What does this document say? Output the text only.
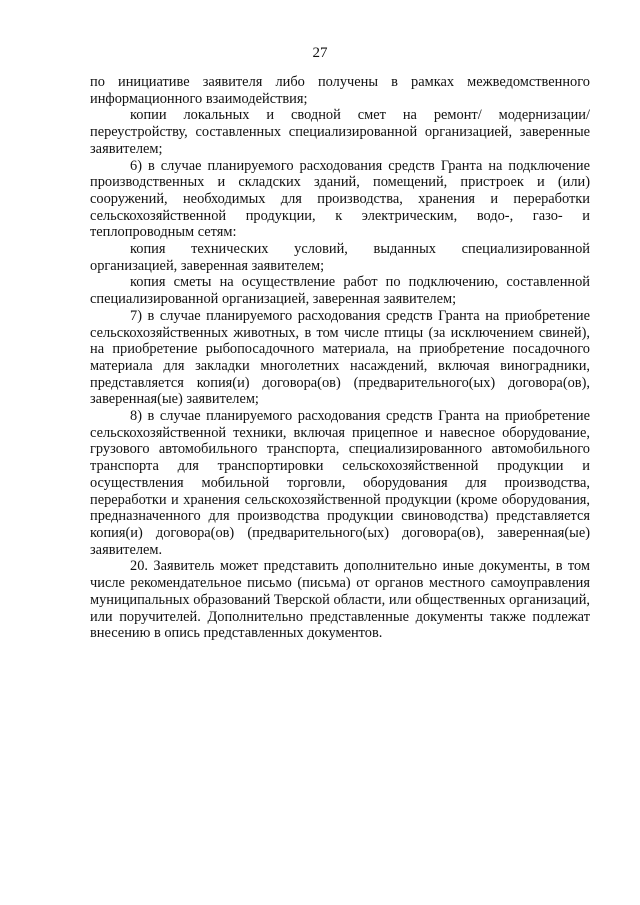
27

по инициативе заявителя либо получены в рамках межведомственного информационного взаимодействия;

копии локальных и сводной смет на ремонт/ модернизации/переустройству, составленных специализированной организацией, заверенные заявителем;

6) в случае планируемого расходования средств Гранта на подключение производственных и складских зданий, помещений, пристроек и (или) сооружений, необходимых для производства, хранения и переработки сельскохозяйственной продукции, к электрическим, водо-, газо- и теплопроводным сетям:

копия технических условий, выданных специализированной организацией, заверенная заявителем;

копия сметы на осуществление работ по подключению, составленной специализированной организацией, заверенная заявителем;

7) в случае планируемого расходования средств Гранта на приобретение сельскохозяйственных животных, в том числе птицы (за исключением свиней), на приобретение рыбопосадочного материала, на приобретение посадочного материала для закладки многолетних насаждений, включая виноградники, представляется копия(и) договора(ов) (предварительного(ых) договора(ов), заверенная(ые) заявителем;

8) в случае планируемого расходования средств Гранта на приобретение сельскохозяйственной техники, включая прицепное и навесное оборудование, грузового автомобильного транспорта, специализированного автомобильного транспорта для транспортировки сельскохозяйственной продукции и осуществления мобильной торговли, оборудования для производства, переработки и хранения сельскохозяйственной продукции (кроме оборудования, предназначенного для производства продукции свиноводства) представляется копия(и) договора(ов) (предварительного(ых) договора(ов), заверенная(ые) заявителем.

20. Заявитель может представить дополнительно иные документы, в том числе рекомендательное письмо (письма) от органов местного самоуправления муниципальных образований Тверской области, или общественных организаций, или поручителей. Дополнительно представленные документы также подлежат внесению в опись представленных документов.
